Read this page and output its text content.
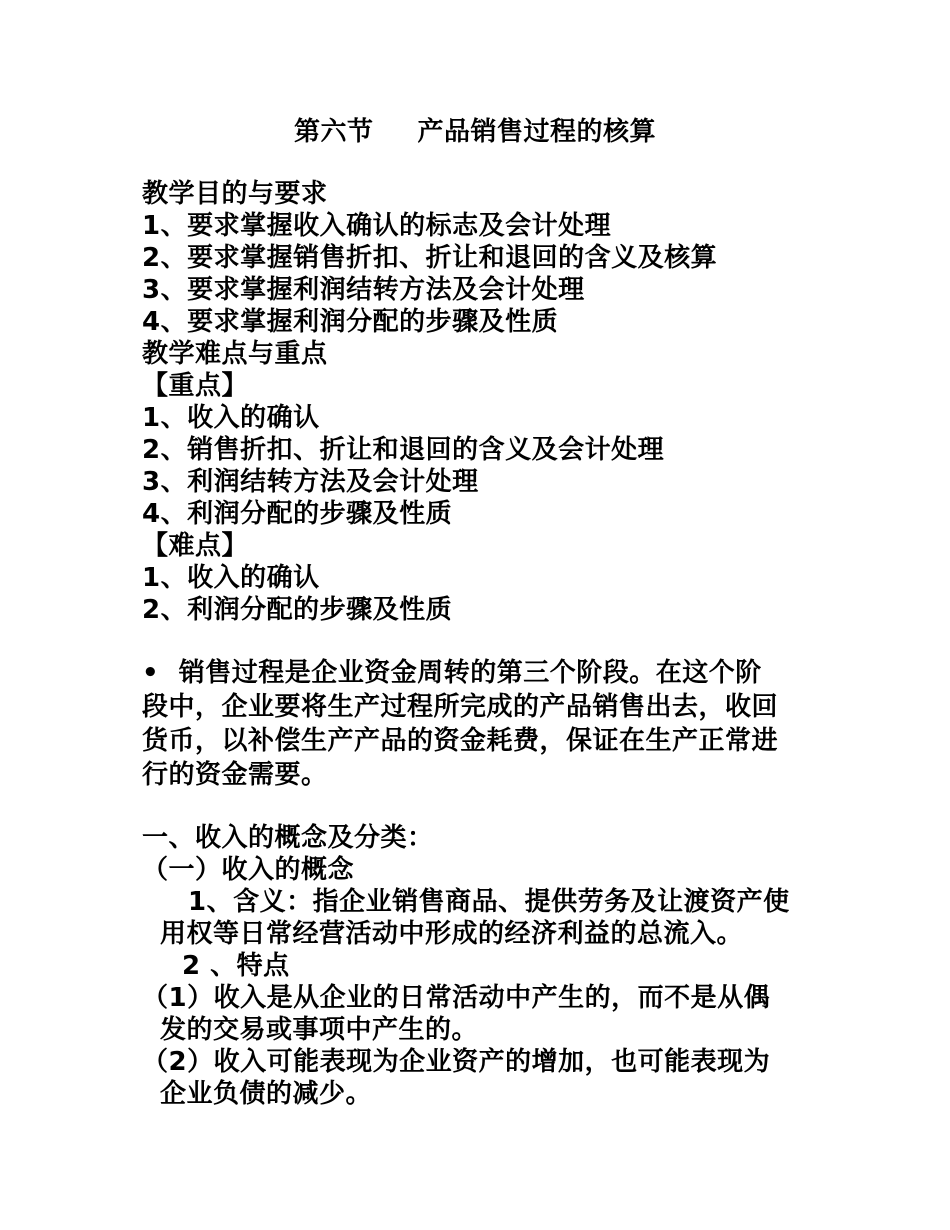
第六节 产品销售过程的核算
教学目的与要求
1、要求掌握收入确认的标志及会计处理
2、要求掌握销售折扣、折让和退回的含义及核算
3、要求掌握利润结转方法及会计处理
4、要求掌握利润分配的步骤及性质
教学难点与重点
【重点】
1、收入的确认
2、销售折扣、折让和退回的含义及会计处理
3、利润结转方法及会计处理
4、利润分配的步骤及性质
【难点】
1、收入的确认
2、利润分配的步骤及性质
• 销售过程是企业资金周转的第三个阶段。在这个阶
段中，企业要将生产过程所完成的产品销售出去，收回
货币，以补偿生产产品的资金耗费，保证在生产正常进
行的资金需要。
一、收入的概念及分类：
（一）收入的概念
1、含义：指企业销售商品、提供劳务及让渡资产使
用权等日常经营活动中形成的经济利益的总流入。
2 、特点
（1）收入是从企业的日常活动中产生的，而不是从偶
发的交易或事项中产生的。
（2）收入可能表现为企业资产的增加，也可能表现为
企业负债的减少。
